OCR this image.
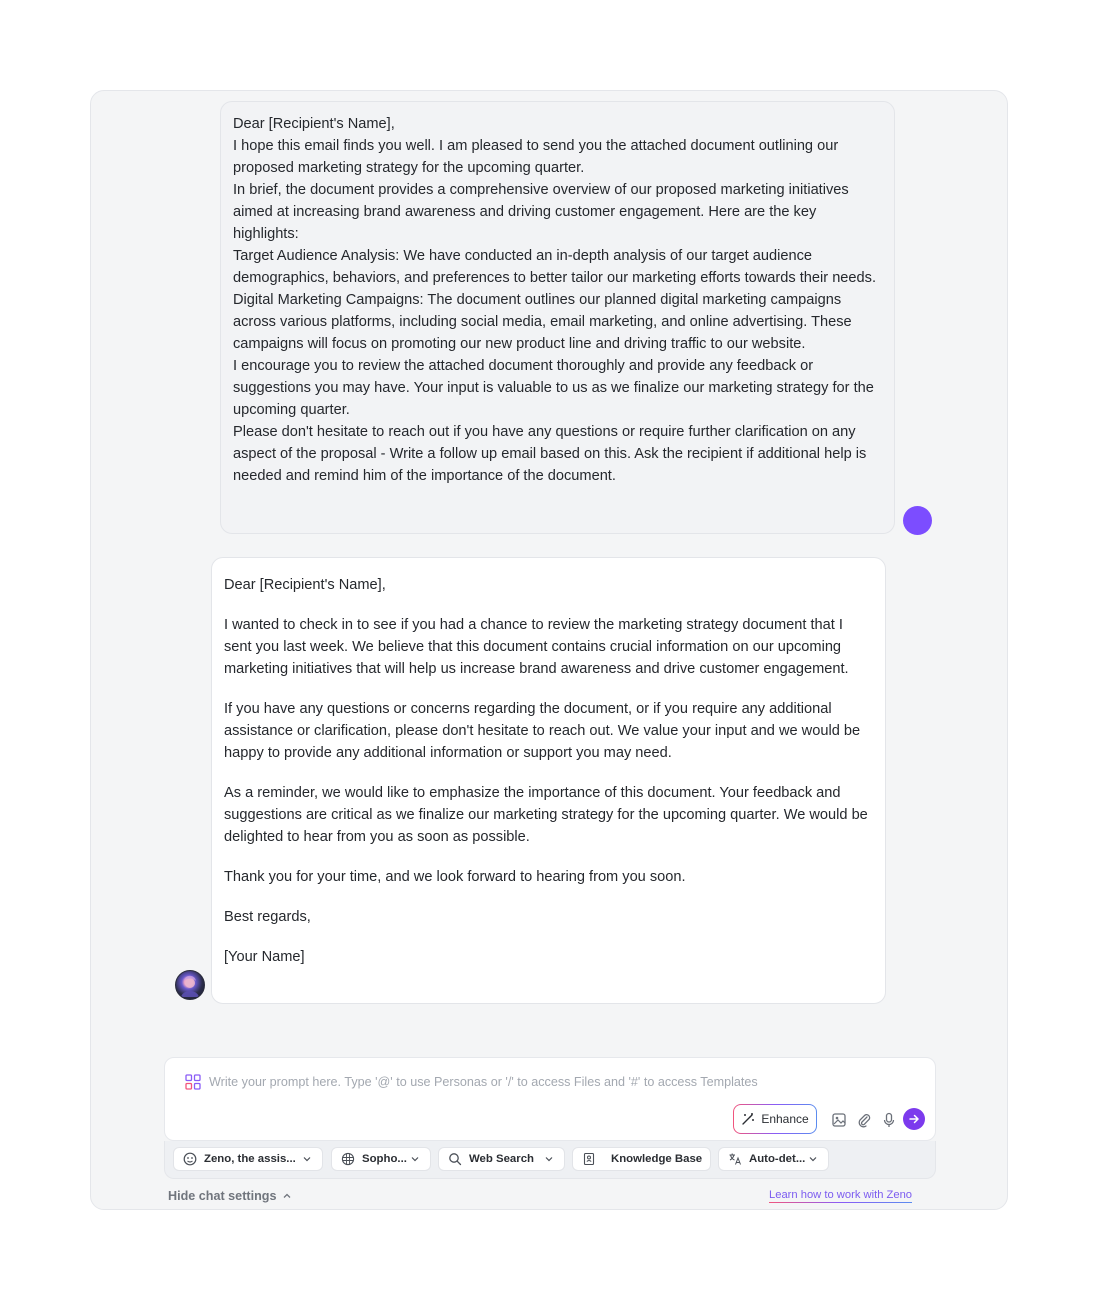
Dear [Recipient's Name],

I hope this email finds you well. I am pleased to send you the attached document outlining our proposed marketing strategy for the upcoming quarter.

In brief, the document provides a comprehensive overview of our proposed marketing initiatives aimed at increasing brand awareness and driving customer engagement. Here are the key highlights:

Target Audience Analysis: We have conducted an in-depth analysis of our target audience demographics, behaviors, and preferences to better tailor our marketing efforts towards their needs.

Digital Marketing Campaigns: The document outlines our planned digital marketing campaigns across various platforms, including social media, email marketing, and online advertising. These campaigns will focus on promoting our new product line and driving traffic to our website.

I encourage you to review the attached document thoroughly and provide any feedback or suggestions you may have. Your input is valuable to us as we finalize our marketing strategy for the upcoming quarter.

Please don't hesitate to reach out if you have any questions or require further clarification on any aspect of the proposal - Write a follow up email based on this. Ask the recipient if additional help is needed and remind him of the importance of the document.

Dear [Recipient's Name],

I wanted to check in to see if you had a chance to review the marketing strategy document that I sent you last week. We believe that this document contains crucial information on our upcoming marketing initiatives that will help us increase brand awareness and drive customer engagement.

If you have any questions or concerns regarding the document, or if you require any additional assistance or clarification, please don't hesitate to reach out. We value your input and we would be happy to provide any additional information or support you may need.

As a reminder, we would like to emphasize the importance of this document. Your feedback and suggestions are critical as we finalize our marketing strategy for the upcoming quarter. We would be delighted to hear from you as soon as possible.

Thank you for your time, and we look forward to hearing from you soon.

Best regards,

[Your Name]

Write your prompt here. Type '@' to use Personas or '/' to access Files and '#' to access Templates
Enhance
Zeno, the assis...	Sopho...	Web Search	Knowledge Base	Auto-det...
Hide chat settings	Learn how to work with Zeno
